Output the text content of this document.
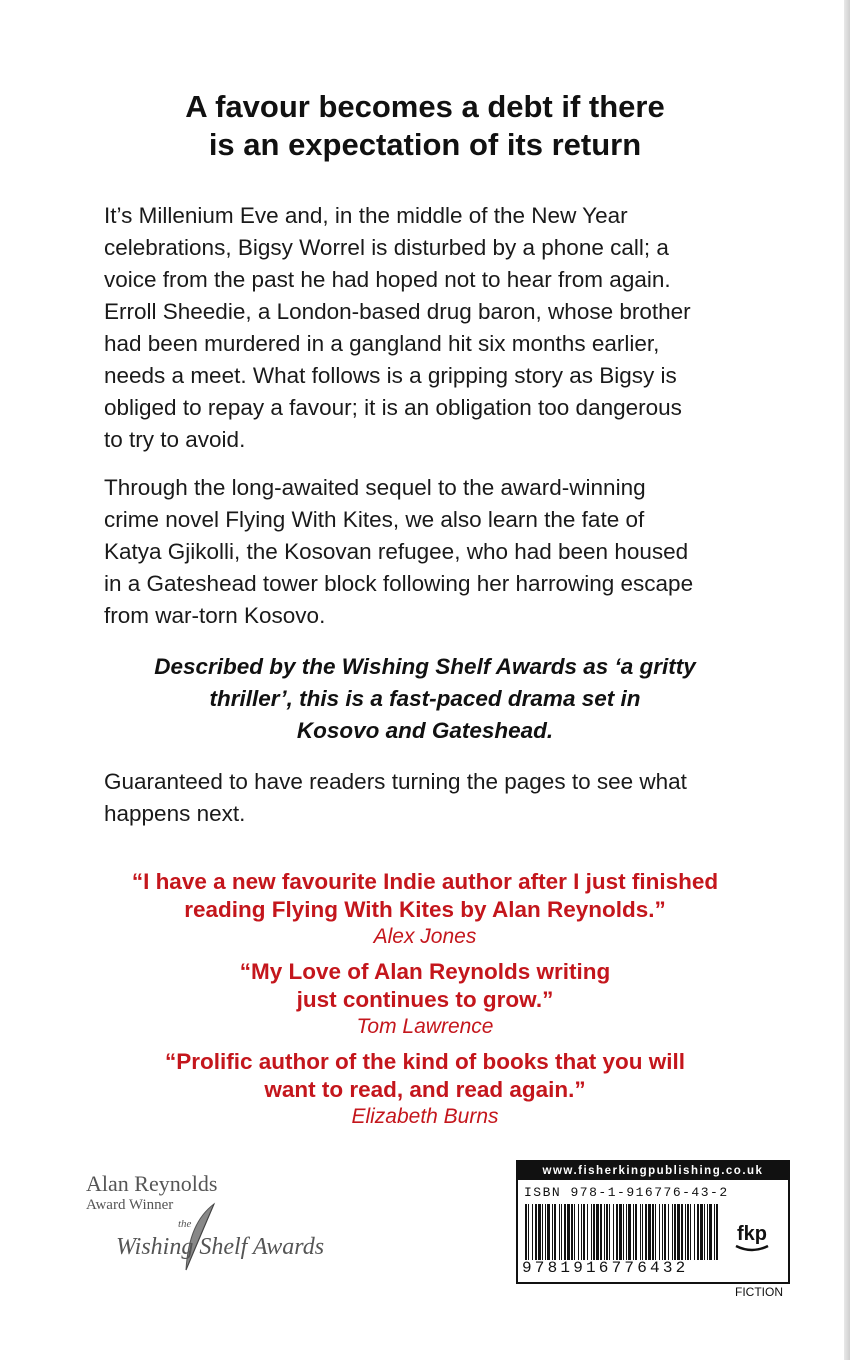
A favour becomes a debt if there
is an expectation of its return
It’s Millenium Eve and, in the middle of the New Year
celebrations, Bigsy Worrel is disturbed by a phone call; a
voice from the past he had hoped not to hear from again.
Erroll Sheedie, a London-based drug baron, whose brother
had been murdered in a gangland hit six months earlier,
needs a meet. What follows is a gripping story as Bigsy is
obliged to repay a favour; it is an obligation too dangerous
to try to avoid.
Through the long-awaited sequel to the award-winning
crime novel Flying With Kites, we also learn the fate of
Katya Gjikolli, the Kosovan refugee, who had been housed
in a Gateshead tower block following her harrowing escape
from war-torn Kosovo.
Described by the Wishing Shelf Awards as ‘a gritty
thriller’, this is a fast-paced drama set in
Kosovo and Gateshead.
Guaranteed to have readers turning the pages to see what
happens next.
“I have a new favourite Indie author after I just finished
reading Flying With Kites by Alan Reynolds.”
Alex Jones
“My Love of Alan Reynolds writing
just continues to grow.”
Tom Lawrence
“Prolific author of the kind of books that you will
want to read, and read again.”
Elizabeth Burns
Alan Reynolds
Award Winner
the
Wishing Shelf Awards
www.fisherkingpublishing.co.uk
ISBN 978-1-916776-43-2
9781916776432
fkp
FICTION
